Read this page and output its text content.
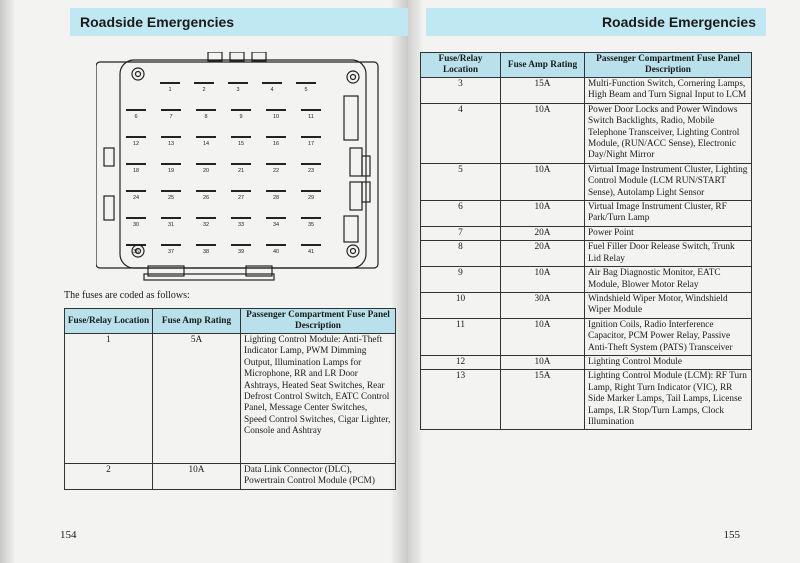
Roadside Emergencies
1	2	3	4	5
6	7	8	9	10	11
12	13	14	15	16	17
18	19	20	21	22	23
24	25	26	27	28	29
30	31	32	33	34	35
36	37	38	39	40	41
The fuses are coded as follows:
Fuse/Relay Location	Fuse Amp Rating	Passenger Compartment Fuse Panel Description
1	5A	Lighting Control Module: Anti-Theft Indicator Lamp, PWM Dimming Output, Illumination Lamps for Microphone, RR and LR Door Ashtrays, Heated Seat Switches, Rear Defrost Control Switch, EATC Control Panel, Message Center Switches, Speed Control Switches, Cigar Lighter, Console and Ashtray
2	10A	Data Link Connector (DLC), Powertrain Control Module (PCM)
154
Roadside Emergencies
Fuse/Relay Location	Fuse Amp Rating	Passenger Compartment Fuse Panel Description
3	15A	Multi-Function Switch, Cornering Lamps, High Beam and Turn Signal Input to LCM
4	10A	Power Door Locks and Power Windows Switch Backlights, Radio, Mobile Telephone Transceiver, Lighting Control Module, (RUN/ACC Sense), Electronic Day/Night Mirror
5	10A	Virtual Image Instrument Cluster, Lighting Control Module (LCM RUN/START Sense), Autolamp Light Sensor
6	10A	Virtual Image Instrument Cluster, RF Park/Turn Lamp
7	20A	Power Point
8	20A	Fuel Filler Door Release Switch, Trunk Lid Relay
9	10A	Air Bag Diagnostic Monitor, EATC Module, Blower Motor Relay
10	30A	Windshield Wiper Motor, Windshield Wiper Module
11	10A	Ignition Coils, Radio Interference Capacitor, PCM Power Relay, Passive Anti-Theft System (PATS) Transceiver
12	10A	Lighting Control Module
13	15A	Lighting Control Module (LCM): RF Turn Lamp, Right Turn Indicator (VIC), RR Side Marker Lamps, Tail Lamps, License Lamps, LR Stop/Turn Lamps, Clock Illumination
155
